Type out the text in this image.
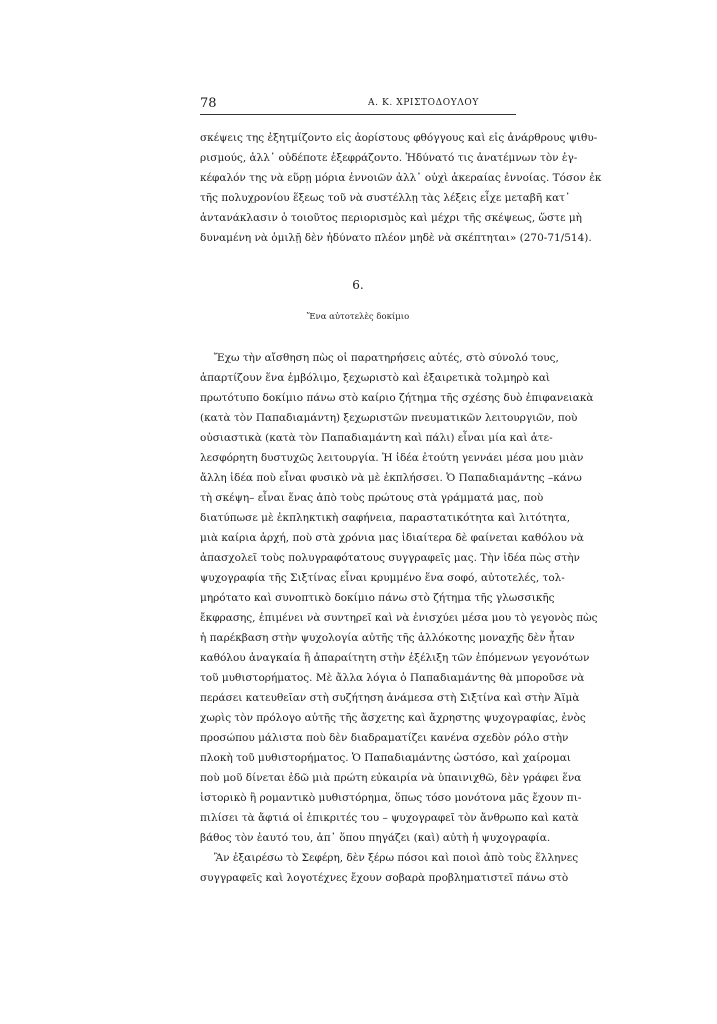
78	Α. Κ. ΧΡΙΣΤΟΔΟΥΛΟΥ

σκέψεις της ἐξητμίζοντο εἰς ἀορίστους φθόγγους καὶ εἰς ἀνάρθρους ψιθυ-
ρισμούς, ἀλλ᾽ οὐδέποτε ἐξεφράζοντο. Ἠδύνατό τις ἀνατέμνων τὸν ἐγ-
κέφαλόν της νὰ εὕρῃ μόρια ἐννοιῶν ἀλλ᾽ οὐχὶ ἀκεραίας ἐννοίας. Τόσον ἐκ
τῆς πολυχρονίου ἕξεως τοῦ νὰ συστέλλῃ τὰς λέξεις εἶχε μεταβῆ κατ᾽
ἀντανάκλασιν ὁ τοιοῦτος περιορισμὸς καὶ μέχρι τῆς σκέψεως, ὥστε μὴ
δυναμένη νὰ ὁμιλῇ δὲν ἠδύνατο πλέον μηδὲ νὰ σκέπτηται» (270-71/514).

6.
Ἕνα αὐτοτελὲς δοκίμιο

Ἔχω τὴν αἴσθηση πὼς οἱ παρατηρήσεις αὐτές, στὸ σύνολό τους,
ἀπαρτίζουν ἕνα ἐμβόλιμο, ξεχωριστὸ καὶ ἐξαιρετικὰ τολμηρὸ καὶ
πρωτότυπο δοκίμιο πάνω στὸ καίριο ζήτημα τῆς σχέσης δυὸ ἐπιφανειακὰ
(κατὰ τὸν Παπαδιαμάντη) ξεχωριστῶν πνευματικῶν λειτουργιῶν, ποὺ
οὐσιαστικὰ (κατὰ τὸν Παπαδιαμάντη καὶ πάλι) εἶναι μία καὶ ἀτε-
λεσφόρητη δυστυχῶς λειτουργία. Ἡ ἰδέα ἐτούτη γεννάει μέσα μου μιὰν
ἄλλη ἰδέα ποὺ εἶναι φυσικὸ νὰ μὲ ἐκπλήσσει. Ὁ Παπαδιαμάντης –κάνω
τὴ σκέψη– εἶναι ἕνας ἀπὸ τοὺς πρώτους στὰ γράμματά μας, ποὺ
διατύπωσε μὲ ἐκπληκτικὴ σαφήνεια, παραστατικότητα καὶ λιτότητα,
μιὰ καίρια ἀρχή, ποὺ στὰ χρόνια μας ἰδιαίτερα δὲ φαίνεται καθόλου νὰ
ἀπασχολεῖ τοὺς πολυγραφότατους συγγραφεῖς μας. Τὴν ἰδέα πὼς στὴν
ψυχογραφία τῆς Σιξτίνας εἶναι κρυμμένο ἕνα σοφό, αὐτοτελές, τολ-
μηρότατο καὶ συνοπτικὸ δοκίμιο πάνω στὸ ζήτημα τῆς γλωσσικῆς
ἔκφρασης, ἐπιμένει νὰ συντηρεῖ καὶ νὰ ἐνισχύει μέσα μου τὸ γεγονὸς πὼς
ἡ παρέκβαση στὴν ψυχολογία αὐτῆς τῆς ἀλλόκοτης μοναχῆς δὲν ἦταν
καθόλου ἀναγκαία ἢ ἀπαραίτητη στὴν ἐξέλιξη τῶν ἑπόμενων γεγονότων
τοῦ μυθιστορήματος. Μὲ ἄλλα λόγια ὁ Παπαδιαμάντης θὰ μποροῦσε νὰ
περάσει κατευθεῖαν στὴ συζήτηση ἀνάμεσα στὴ Σιξτίνα καὶ στὴν Ἀϊμὰ
χωρὶς τὸν πρόλογο αὐτῆς τῆς ἄσχετης καὶ ἄχρηστης ψυχογραφίας, ἑνὸς
προσώπου μάλιστα ποὺ δὲν διαδραματίζει κανένα σχεδὸν ρόλο στὴν
πλοκὴ τοῦ μυθιστορήματος. Ὁ Παπαδιαμάντης ὡστόσο, καὶ χαίρομαι
ποὺ μοῦ δίνεται ἐδῶ μιὰ πρώτη εὐκαιρία νὰ ὑπαινιχθῶ, δὲν γράφει ἕνα
ἱστορικὸ ἢ ρομαντικὸ μυθιστόρημα, ὅπως τόσο μονότονα μᾶς ἔχουν πι-
πιλίσει τὰ ἄφτιά οἱ ἐπικριτές του – ψυχογραφεῖ τὸν ἄνθρωπο καὶ κατὰ
βάθος τὸν ἑαυτό του, ἀπ᾽ ὅπου πηγάζει (καὶ) αὐτὴ ἡ ψυχογραφία.
Ἂν ἐξαιρέσω τὸ Σεφέρη, δὲν ξέρω πόσοι καὶ ποιοὶ ἀπὸ τοὺς ἕλληνες
συγγραφεῖς καὶ λογοτέχνες ἔχουν σοβαρὰ προβληματιστεῖ πάνω στὸ
